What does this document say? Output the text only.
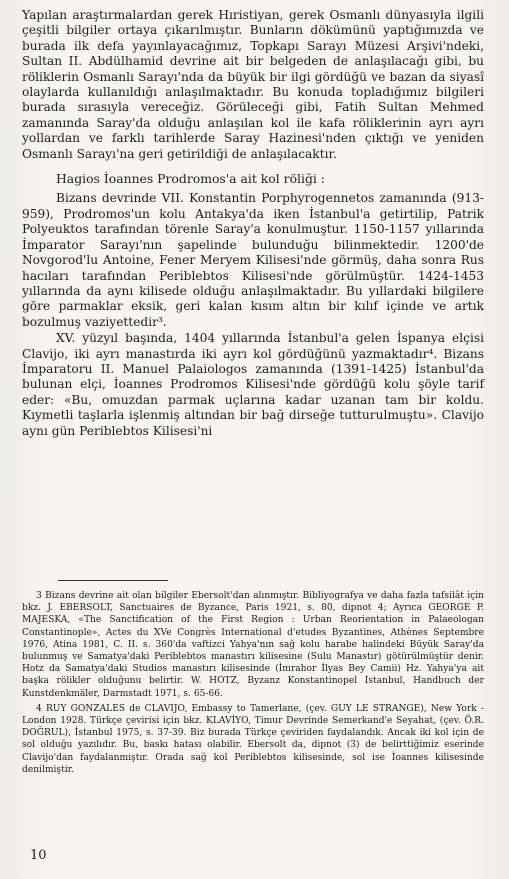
Yapılan araştırmalardan gerek Hıristiyan, gerek Osmanlı dünyasıyla ilgili çeşitli bilgiler ortaya çıkarılmıştır. Bunların dökümünü yaptığımızda ve burada ilk defa yayınlayacağımız, Topkapı Sarayı Müzesi Arşivi'ndeki, Sultan II. Abdülhamid devrine ait bir belgeden de anlaşılacağı gibi, bu röliklerin Osmanlı Sarayı'nda da büyük bir ilgi gördüğü ve bazan da siyasî olaylarda kullanıldığı anlaşılmaktadır. Bu konuda topladığımız bilgileri burada sırasıyla vereceğiz. Görüleceği gibi, Fatih Sultan Mehmed zamanında Saray'da olduğu anlaşılan kol ile kafa röliklerinin ayrı ayrı yollardan ve farklı tarihlerde Saray Hazinesi'nden çıktığı ve yeniden Osmanlı Sarayı'na geri getirildiği de anlaşılacaktır.

Hagios İoannes Prodromos'a ait kol röliği :

Bizans devrinde VII. Konstantin Porphyrogennetos zamanında (913-959), Prodromos'un kolu Antakya'da iken İstanbul'a getirtilip, Patrik Polyeuktos tarafından törenle Saray'a konulmuştur. 1150-1157 yıllarında İmparator Sarayı'nın şapelinde bulunduğu bilinmektedir. 1200'de Novgorod'lu Antoine, Fener Meryem Kilisesi'nde görmüş, daha sonra Rus hacıları tarafından Periblebtos Kilisesi'nde görülmüştür. 1424-1453 yıllarında da aynı kilisede olduğu anlaşılmaktadır. Bu yıllardaki bilgilere göre parmaklar eksik, geri kalan kısım altın bir kılıf içinde ve artık bozulmuş vaziyettedir³.

XV. yüzyıl başında, 1404 yıllarında İstanbul'a gelen İspanya elçisi Clavijo, iki ayrı manastırda iki ayrı kol gördüğünü yazmaktadır⁴. Bizans İmparatoru II. Manuel Palaiologos zamanında (1391-1425) İstanbul'da bulunan elçi, İoannes Prodromos Kilisesi'nde gördüğü kolu şöyle tarif eder: «Bu, omuzdan parmak uçlarına kadar uzanan tam bir koldu. Kıymetli taşlarla işlenmiş altından bir bağ dirseğe tutturulmuştu». Clavijo aynı gün Periblebtos Kilisesi'ni

3 Bizans devrine ait olan bilgiler Ebersolt'dan alınmıştır. Bibliyografya ve daha fazla tafsilât için bkz. J. EBERSOLT, Sanctuaires de Byzance, Paris 1921, s. 80, dipnot 4; Ayrıca GEORGE P. MAJESKA, «The Sanctification of the First Region : Urban Reorientation in Palaeologan Constantinople», Actes du XVe Congrès International d'etudes Byzantines, Athènes Septembre 1976, Atina 1981, C. II. s. 360'da vaftizci Yahya'nın sağ kolu harabe halindeki Büyük Saray'da bulunmuş ve Samatya'daki Periblebtos manastırı kilisesine (Sulu Manastır) götürülmüştür denir. Hotz da Samatya'daki Studios manastırı kilisesinde (İmrahor İlyas Bey Camii) Hz. Yahya'ya ait başka rölikler olduğunu belirtir. W. HOTZ, Byzanz Konstantinopel Istanbul, Handbuch der Kunstdenkmäler, Darmstadt 1971, s. 65-66.

4 RUY GONZALES de CLAVIJO, Embassy to Tamerlane, (çev. GUY LE STRANGE), New York - London 1928. Türkçe çevirisi için bkz. KLAVİYO, Timur Devrinde Semerkand'e Seyahat, (çev. Ö.R. DOĞRUL), İstanbul 1975, s. 37-39. Biz burada Türkçe çeviriden faydalandık. Ancak iki kol için de sol olduğu yazılıdır. Bu, baskı hatası olabilir. Ebersolt da, dipnot (3) de belirttiğimiz eserinde Clavijo'dan faydalanmıştır. Orada sağ kol Periblebtos kilisesinde, sol ise İoannes kilisesinde denilmiştir.

10
